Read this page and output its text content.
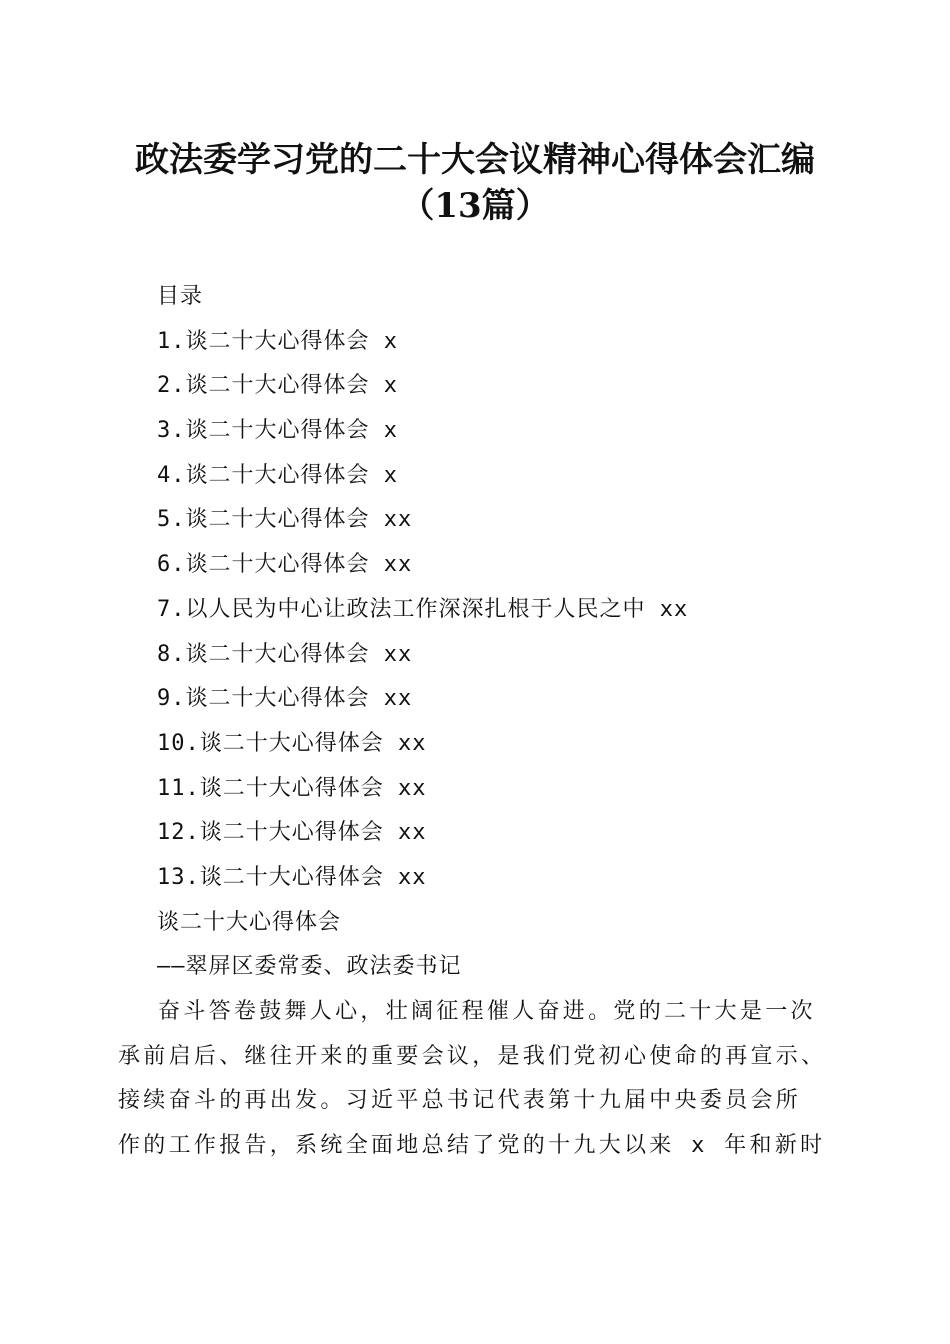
政法委学习党的二十大会议精神心得体会汇编
（13篇）
目录
1.谈二十大心得体会 x
2.谈二十大心得体会 x
3.谈二十大心得体会 x
4.谈二十大心得体会 x
5.谈二十大心得体会 xx
6.谈二十大心得体会 xx
7.以人民为中心让政法工作深深扎根于人民之中 xx
8.谈二十大心得体会 xx
9.谈二十大心得体会 xx
10.谈二十大心得体会 xx
11.谈二十大心得体会 xx
12.谈二十大心得体会 xx
13.谈二十大心得体会 xx
谈二十大心得体会
——翠屏区委常委、政法委书记
奋斗答卷鼓舞人心，壮阔征程催人奋进。党的二十大是一次
承前启后、继往开来的重要会议，是我们党初心使命的再宣示、
接续奋斗的再出发。习近平总书记代表第十九届中央委员会所
作的工作报告，系统全面地总结了党的十九大以来 x 年和新时
